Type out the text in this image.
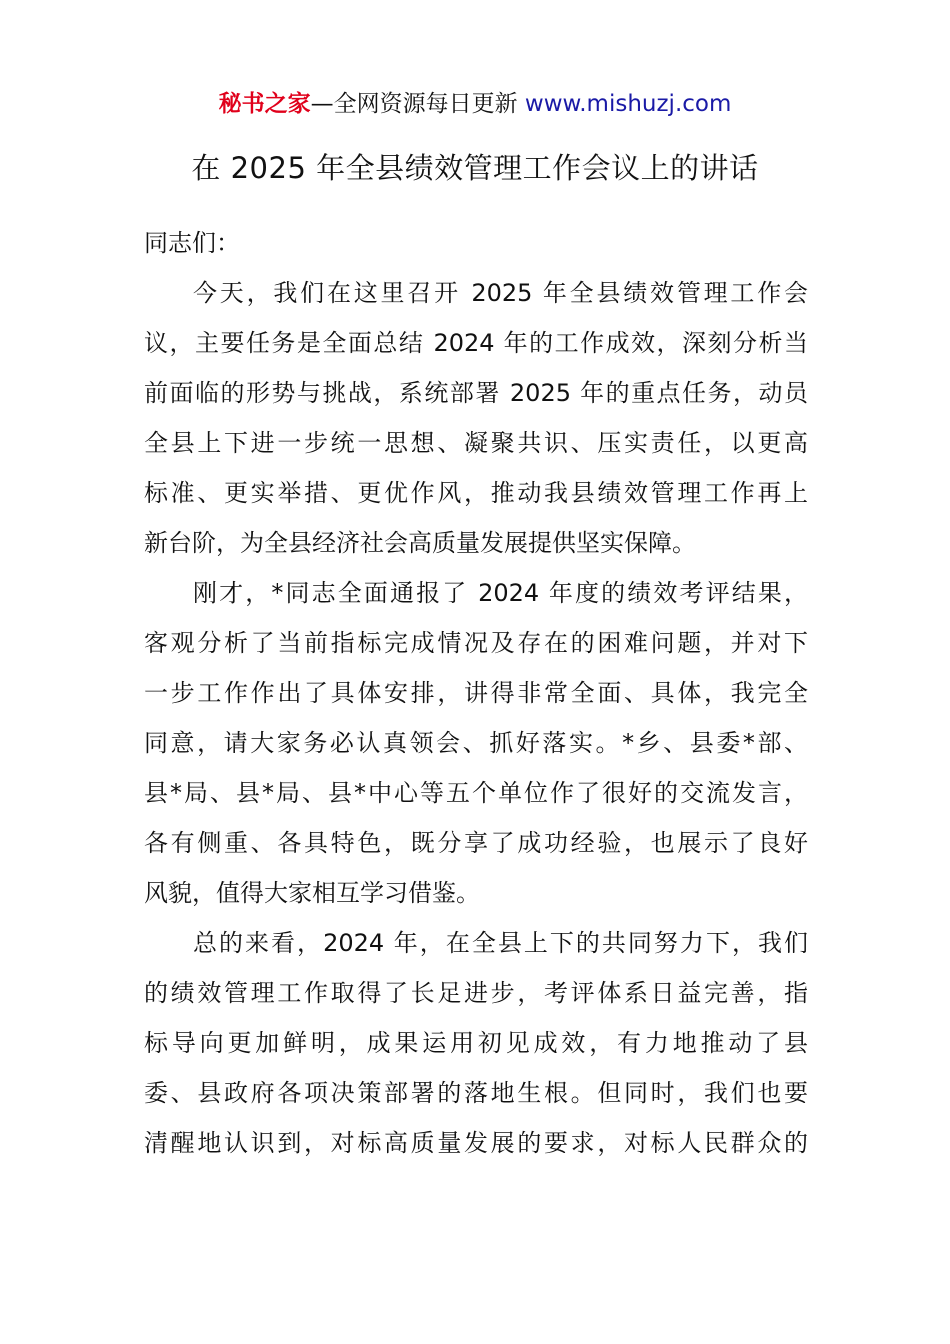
秘书之家—全网资源每日更新 www.mishuzj.com
在 2025 年全县绩效管理工作会议上的讲话
同志们：
今天，我们在这里召开 2025 年全县绩效管理工作会
议，主要任务是全面总结 2024 年的工作成效，深刻分析当
前面临的形势与挑战，系统部署 2025 年的重点任务，动员
全县上下进一步统一思想、凝聚共识、压实责任，以更高
标准、更实举措、更优作风，推动我县绩效管理工作再上
新台阶，为全县经济社会高质量发展提供坚实保障。
刚才，*同志全面通报了 2024 年度的绩效考评结果，
客观分析了当前指标完成情况及存在的困难问题，并对下
一步工作作出了具体安排，讲得非常全面、具体，我完全
同意，请大家务必认真领会、抓好落实。*乡、县委*部、
县*局、县*局、县*中心等五个单位作了很好的交流发言，
各有侧重、各具特色，既分享了成功经验，也展示了良好
风貌，值得大家相互学习借鉴。
总的来看，2024 年，在全县上下的共同努力下，我们
的绩效管理工作取得了长足进步，考评体系日益完善，指
标导向更加鲜明，成果运用初见成效，有力地推动了县
委、县政府各项决策部署的落地生根。但同时，我们也要
清醒地认识到，对标高质量发展的要求，对标人民群众的
